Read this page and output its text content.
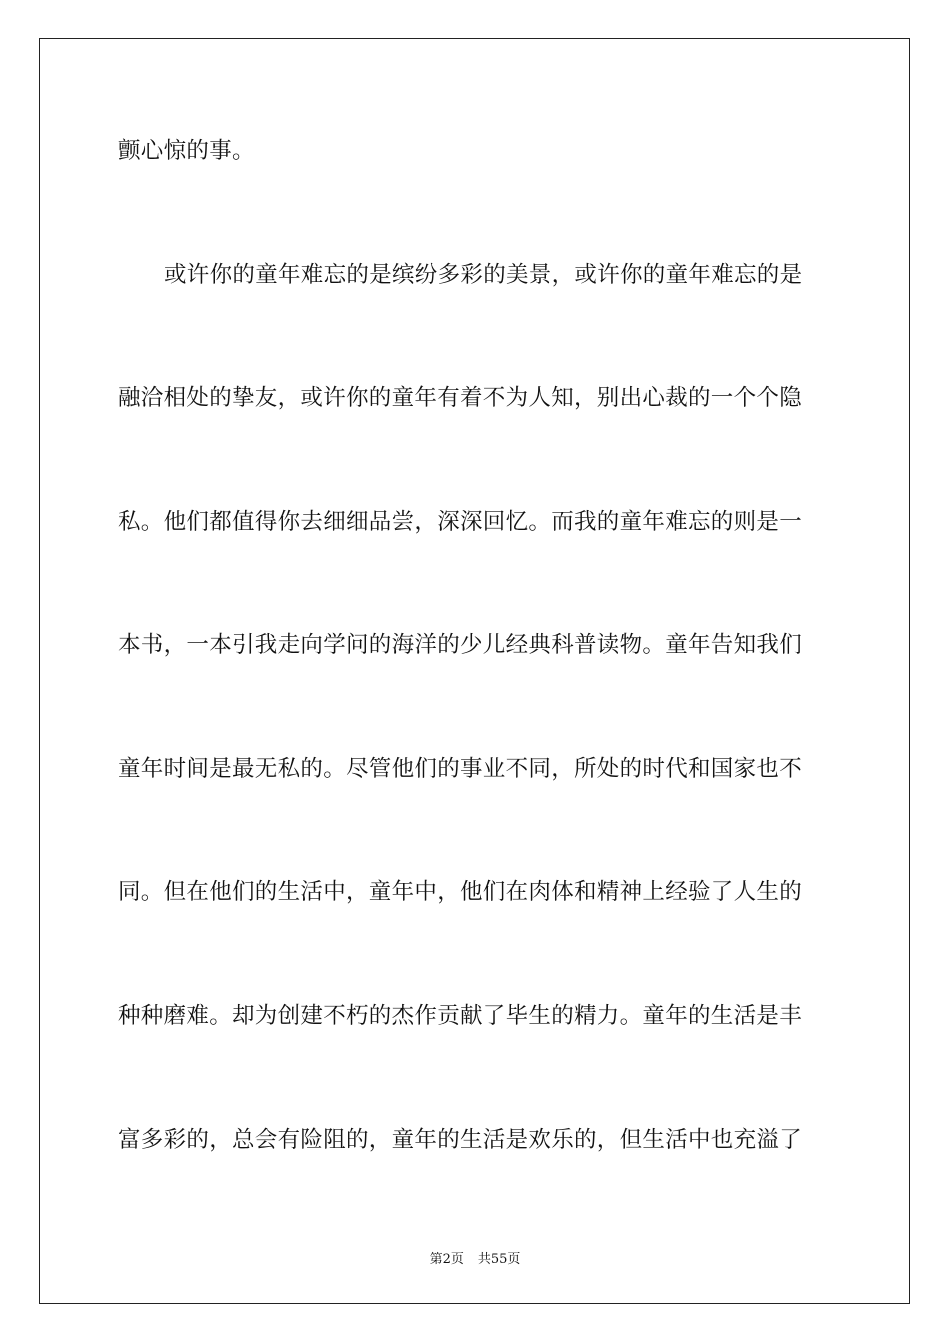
颤心惊的事。
或许你的童年难忘的是缤纷多彩的美景，或许你的童年难忘的是
融洽相处的挚友，或许你的童年有着不为人知，别出心裁的一个个隐
私。他们都值得你去细细品尝，深深回忆。而我的童年难忘的则是一
本书，一本引我走向学问的海洋的少儿经典科普读物。童年告知我们
童年时间是最无私的。尽管他们的事业不同，所处的时代和国家也不
同。但在他们的生活中，童年中，他们在肉体和精神上经验了人生的
种种磨难。却为创建不朽的杰作贡献了毕生的精力。童年的生活是丰
富多彩的，总会有险阻的，童年的生活是欢乐的，但生活中也充溢了
第2页 共55页
